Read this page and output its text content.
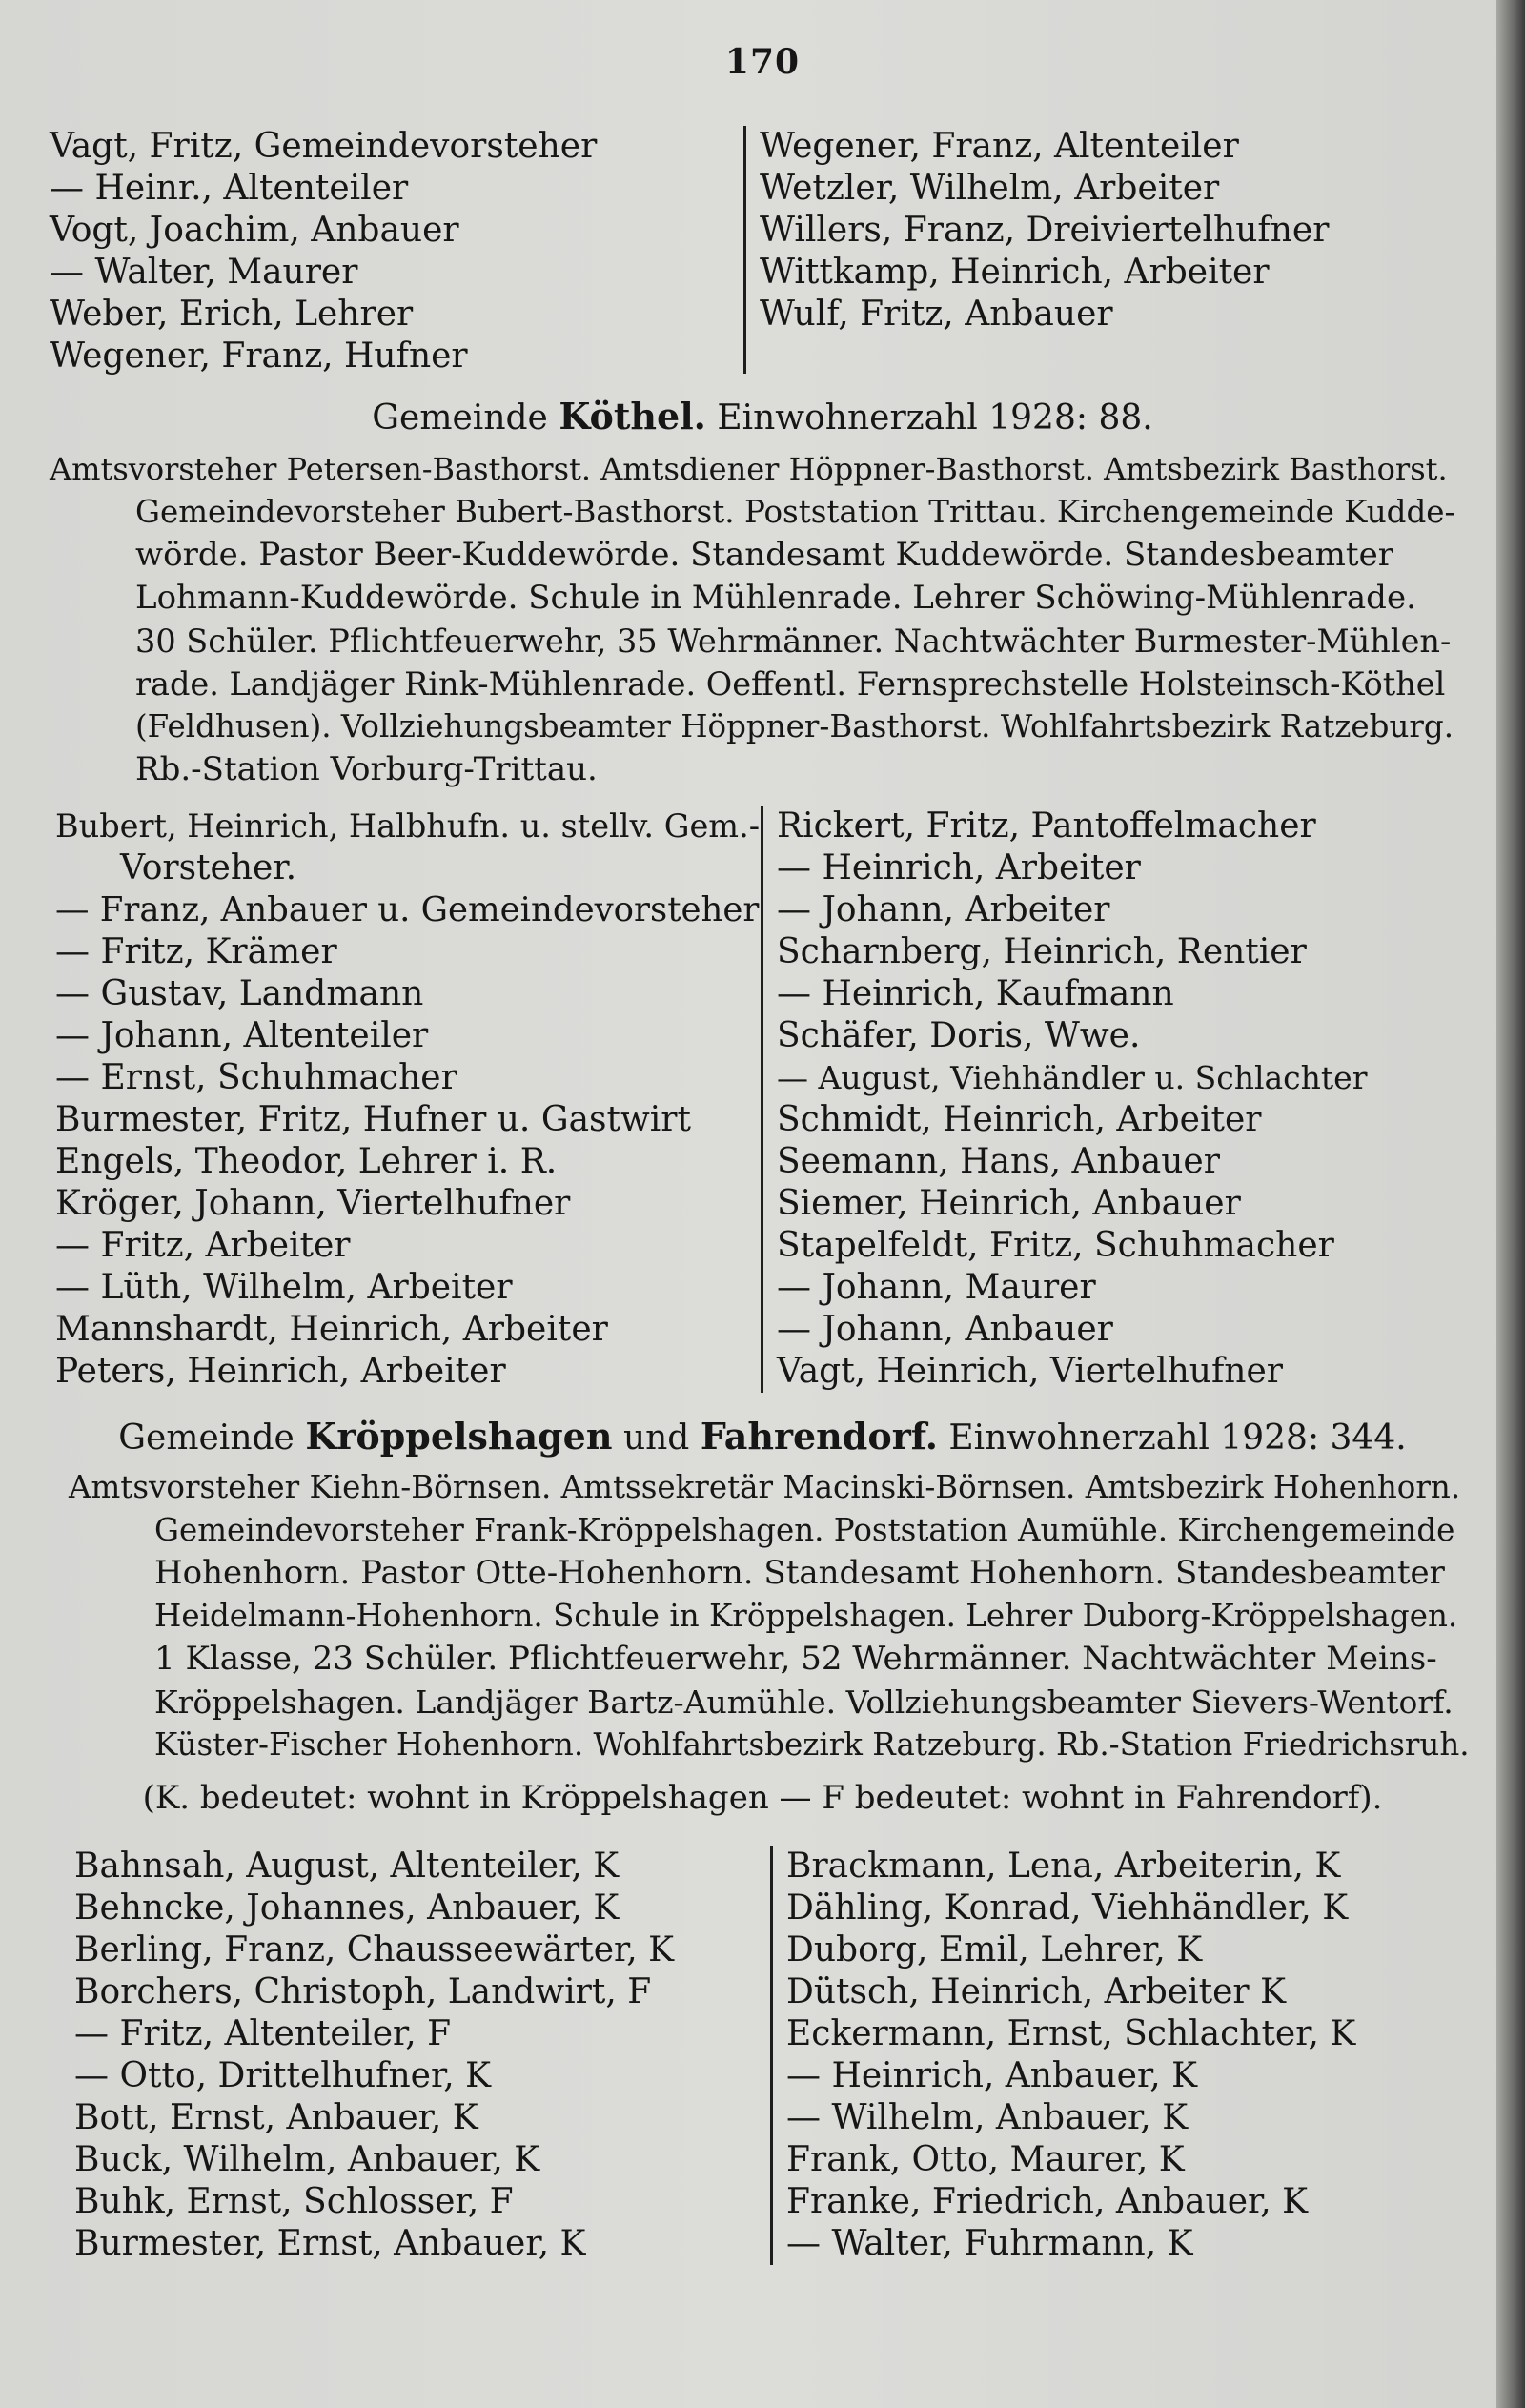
170
Vagt, Fritz, Gemeindevorsteher
— Heinr., Altenteiler
Vogt, Joachim, Anbauer
— Walter, Maurer
Weber, Erich, Lehrer
Wegener, Franz, Hufner
Wegener, Franz, Altenteiler
Wetzler, Wilhelm, Arbeiter
Willers, Franz, Dreiviertelhufner
Wittkamp, Heinrich, Arbeiter
Wulf, Fritz, Anbauer
Gemeinde Köthel. Einwohnerzahl 1928: 88.
Amtsvorsteher Petersen-Basthorst. Amtsdiener Höppner-Basthorst. Amtsbezirk Basthorst.
Gemeindevorsteher Bubert-Basthorst. Poststation Trittau. Kirchengemeinde Kudde-
wörde. Pastor Beer-Kuddewörde. Standesamt Kuddewörde. Standesbeamter
Lohmann-Kuddewörde. Schule in Mühlenrade. Lehrer Schöwing-Mühlenrade.
30 Schüler. Pflichtfeuerwehr, 35 Wehrmänner. Nachtwächter Burmester-Mühlen-
rade. Landjäger Rink-Mühlenrade. Oeffentl. Fernsprechstelle Holsteinsch-Köthel
(Feldhusen). Vollziehungsbeamter Höppner-Basthorst. Wohlfahrtsbezirk Ratzeburg.
Rb.-Station Vorburg-Trittau.
Bubert, Heinrich, Halbhufn. u. stellv. Gem.-
Vorsteher.
— Franz, Anbauer u. Gemeindevorsteher
— Fritz, Krämer
— Gustav, Landmann
— Johann, Altenteiler
— Ernst, Schuhmacher
Burmester, Fritz, Hufner u. Gastwirt
Engels, Theodor, Lehrer i. R.
Kröger, Johann, Viertelhufner
— Fritz, Arbeiter
— Lüth, Wilhelm, Arbeiter
Mannshardt, Heinrich, Arbeiter
Peters, Heinrich, Arbeiter
Rickert, Fritz, Pantoffelmacher
— Heinrich, Arbeiter
— Johann, Arbeiter
Scharnberg, Heinrich, Rentier
— Heinrich, Kaufmann
Schäfer, Doris, Wwe.
— August, Viehhändler u. Schlachter
Schmidt, Heinrich, Arbeiter
Seemann, Hans, Anbauer
Siemer, Heinrich, Anbauer
Stapelfeldt, Fritz, Schuhmacher
— Johann, Maurer
— Johann, Anbauer
Vagt, Heinrich, Viertelhufner
Gemeinde Kröppelshagen und Fahrendorf. Einwohnerzahl 1928: 344.
Amtsvorsteher Kiehn-Börnsen. Amtssekretär Macinski-Börnsen. Amtsbezirk Hohenhorn.
Gemeindevorsteher Frank-Kröppelshagen. Poststation Aumühle. Kirchengemeinde
Hohenhorn. Pastor Otte-Hohenhorn. Standesamt Hohenhorn. Standesbeamter
Heidelmann-Hohenhorn. Schule in Kröppelshagen. Lehrer Duborg-Kröppelshagen.
1 Klasse, 23 Schüler. Pflichtfeuerwehr, 52 Wehrmänner. Nachtwächter Meins-
Kröppelshagen. Landjäger Bartz-Aumühle. Vollziehungsbeamter Sievers-Wentorf.
Küster-Fischer Hohenhorn. Wohlfahrtsbezirk Ratzeburg. Rb.-Station Friedrichsruh.
(K. bedeutet: wohnt in Kröppelshagen — F bedeutet: wohnt in Fahrendorf).
Bahnsah, August, Altenteiler, K
Behncke, Johannes, Anbauer, K
Berling, Franz, Chausseewärter, K
Borchers, Christoph, Landwirt, F
— Fritz, Altenteiler, F
— Otto, Drittelhufner, K
Bott, Ernst, Anbauer, K
Buck, Wilhelm, Anbauer, K
Buhk, Ernst, Schlosser, F
Burmester, Ernst, Anbauer, K
Brackmann, Lena, Arbeiterin, K
Dähling, Konrad, Viehhändler, K
Duborg, Emil, Lehrer, K
Dütsch, Heinrich, Arbeiter K
Eckermann, Ernst, Schlachter, K
— Heinrich, Anbauer, K
— Wilhelm, Anbauer, K
Frank, Otto, Maurer, K
Franke, Friedrich, Anbauer, K
— Walter, Fuhrmann, K
